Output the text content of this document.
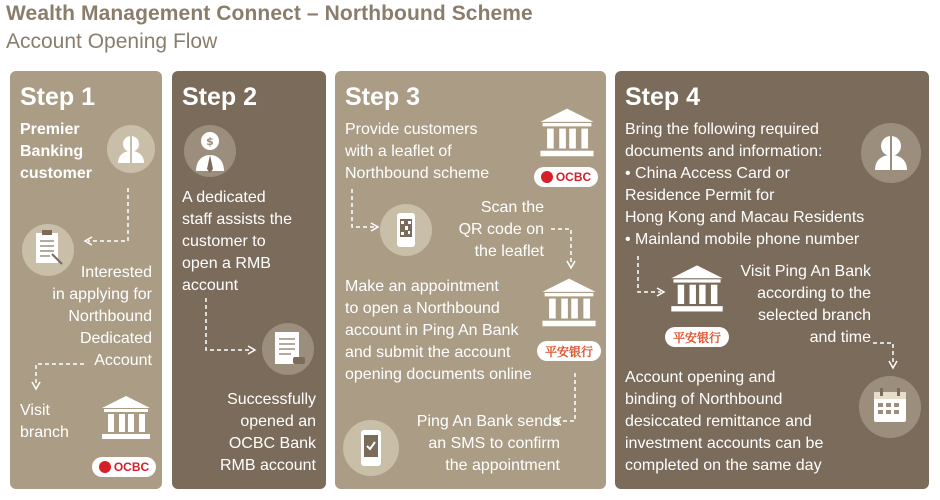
Wealth Management Connect – Northbound Scheme
Account Opening Flow
Step 1
Premier
Banking
customer
Interested
in applying for
Northbound
Dedicated
Account
Visit
branch
OCBC
Step 2
$
A dedicated
staff assists the
customer to
open a RMB
account
Successfully
opened an
OCBC Bank
RMB account
Step 3
Provide customers
with a leaflet of
Northbound scheme	OCBC
Scan the
QR code on
the leaflet
Make an appointment
to open a Northbound
account in Ping An Bank
and submit the account
opening documents online
平安银行
Ping An Bank sends
an SMS to confirm
the appointment
Step 4
Bring the following required
documents and information:
• China Access Card or
Residence Permit for
Hong Kong and Macau Residents
• Mainland mobile phone number
平安银行
Visit Ping An Bank
according to the
selected branch
and time
Account opening and
binding of Northbound
desiccated remittance and
investment accounts can be
completed on the same day
